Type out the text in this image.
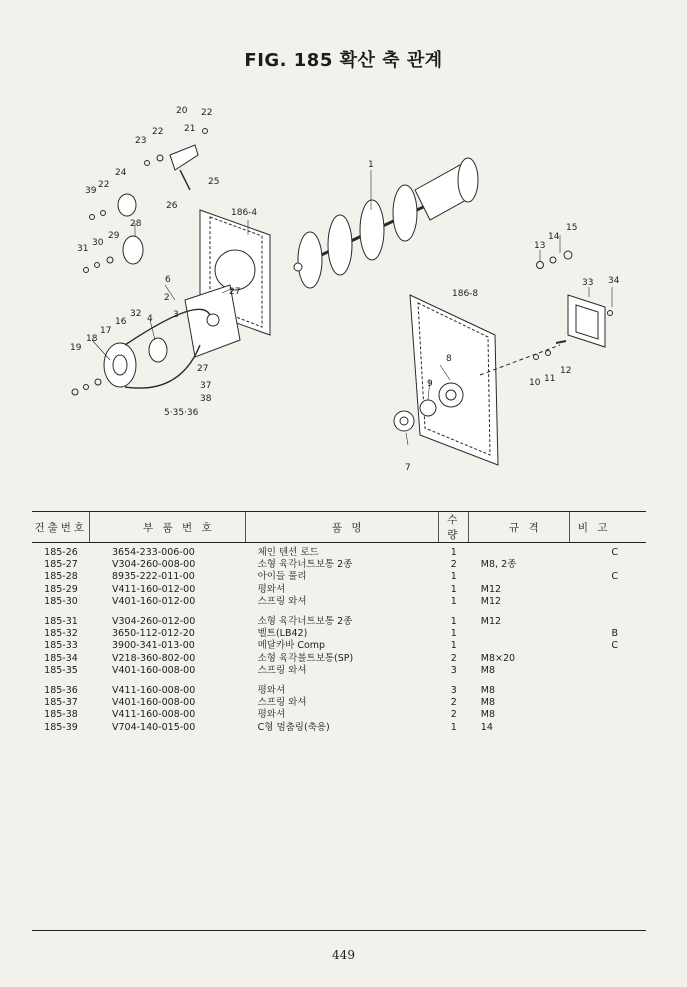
FIG. 185 확산 축 관계
20 22
21
22
23
22
24
39
25
26
186-4
28
29
30
31
1
13
14
15
6
27
2
32 4 3
17
16
18
19
27
37
38
5·35·36
186-8
33 34
8
9	10 11
12
7
건출번호	부 품 번 호	품 명	수 량	규 격	비 고
185-26	3654-233-006-00	체인 텐션 로드	1		C
185-27	V304-260-008-00	소형 육각너트보통 2종	2	M8, 2종	
185-28	8935-222-011-00	아이들 풀리	1		C
185-29	V411-160-012-00	평와셔	1	M12	
185-30	V401-160-012-00	스프링 와셔	1	M12	
185-31	V304-260-012-00	소형 육각너트보통 2종	1	M12	
185-32	3650-112-012-20	벨트(LB42)	1		B
185-33	3900-341-013-00	메달카바 Comp	1		C
185-34	V218-360-802-00	소형 육각볼트보통(SP)	2	M8×20	
185-35	V401-160-008-00	스프링 와셔	3	M8	
185-36	V411-160-008-00	평와셔	3	M8	
185-37	V401-160-008-00	스프링 와셔	2	M8	
185-38	V411-160-008-00	평와셔	2	M8	
185-39	V704-140-015-00	C형 멈춤링(축용)	1	14	
449
